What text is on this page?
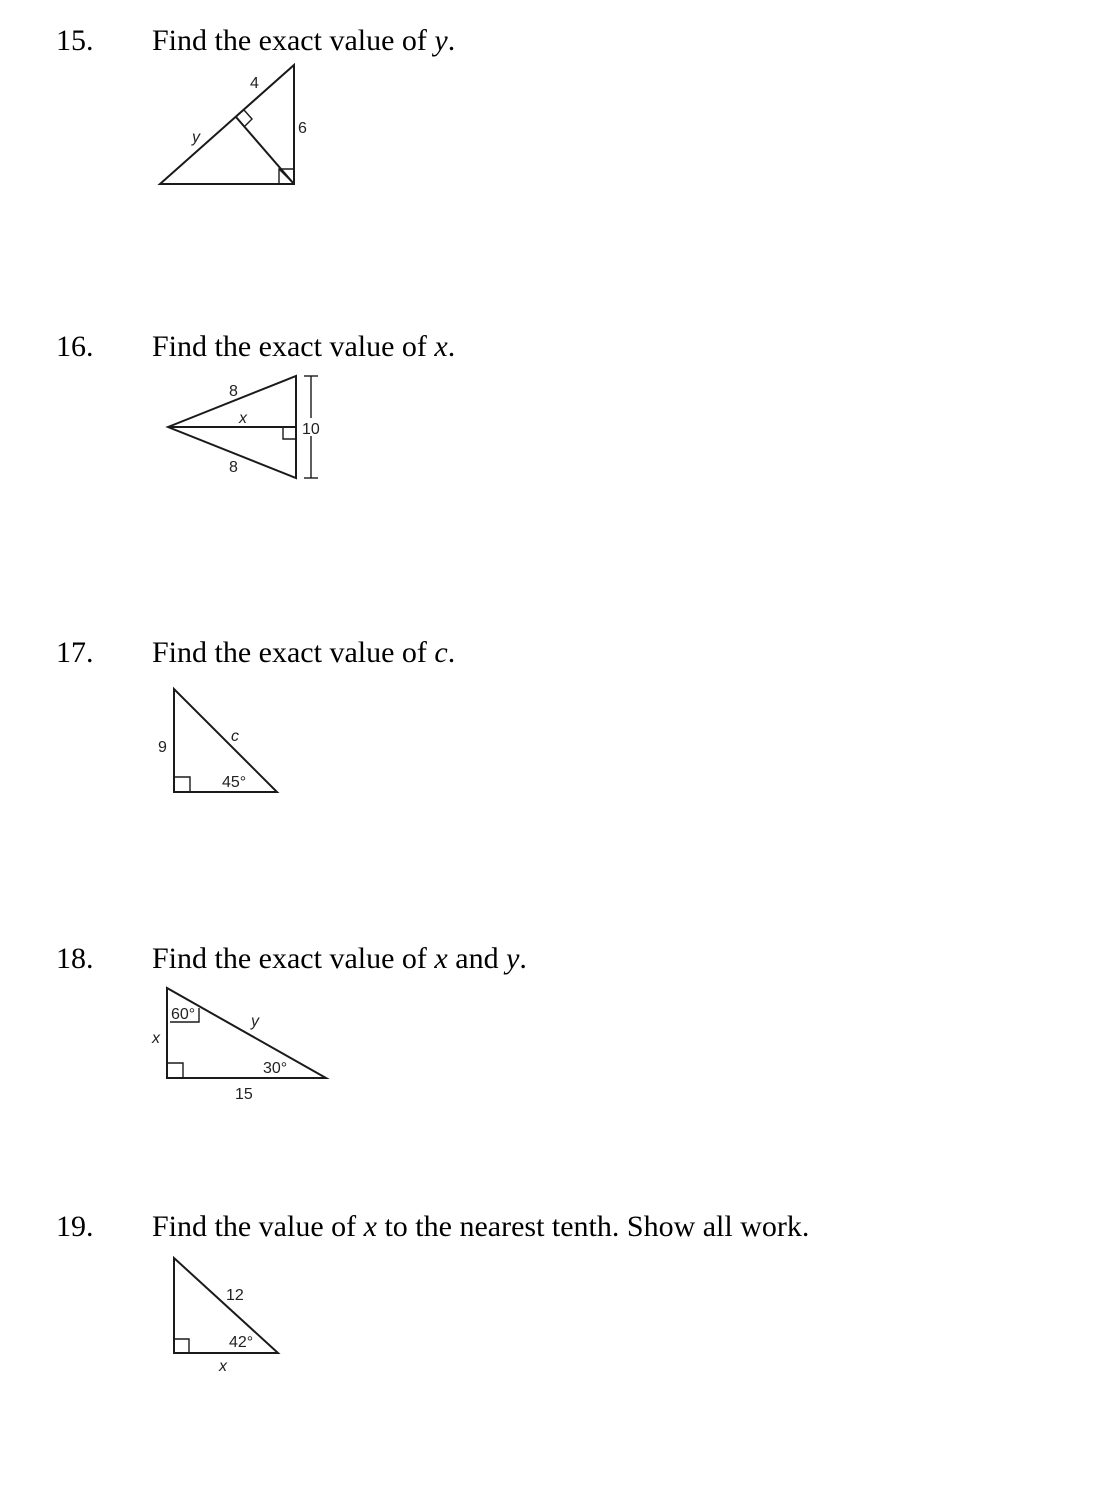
15. Find the exact value of y.
4
6
y
16. Find the exact value of x.
8
8
x
10
17. Find the exact value of c.
9
c
45°
18. Find the exact value of x and y.
60°
x
y
30°
15
19. Find the value of x to the nearest tenth. Show all work.
12
42°
x
